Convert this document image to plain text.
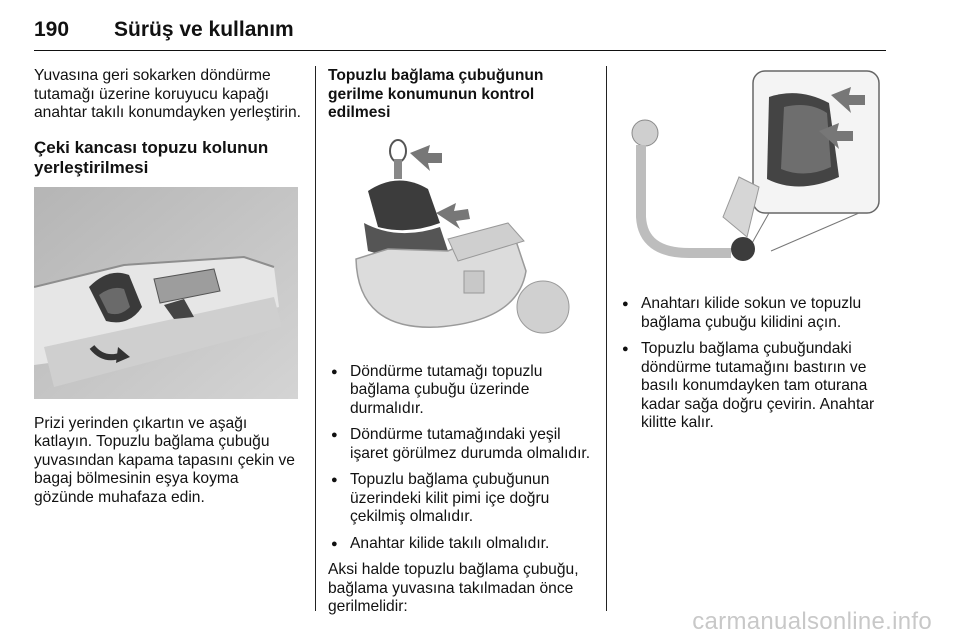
190 Sürüş ve kullanım

Yuvasına geri sokarken döndürme tutamağı üzerine koruyucu kapağı anahtar takılı konumdayken yerleştirin.

Çeki kancası topuzu kolunun yerleştirilmesi

Prizi yerinden çıkartın ve aşağı katlayın. Topuzlu bağlama çubuğu yuvasından kapama tapasını çekin ve bagaj bölmesinin eşya koyma gözünde muhafaza edin.

Topuzlu bağlama çubuğunun gerilme konumunun kontrol edilmesi
● Döndürme tutamağı topuzlu bağlama çubuğu üzerinde durmalıdır.
● Döndürme tutamağındaki yeşil işaret görülmez durumda olmalıdır.
● Topuzlu bağlama çubuğunun üzerindeki kilit pimi içe doğru çekilmiş olmalıdır.
● Anahtar kilide takılı olmalıdır.

Aksi halde topuzlu bağlama çubuğu, bağlama yuvasına takılmadan önce gerilmelidir:

● Anahtarı kilide sokun ve topuzlu bağlama çubuğu kilidini açın.
● Topuzlu bağlama çubuğundaki döndürme tutamağını bastırın ve basılı konumdayken tam oturana kadar sağa doğru çevirin. Anahtar kilitte kalır.
carmanualsonline.info
